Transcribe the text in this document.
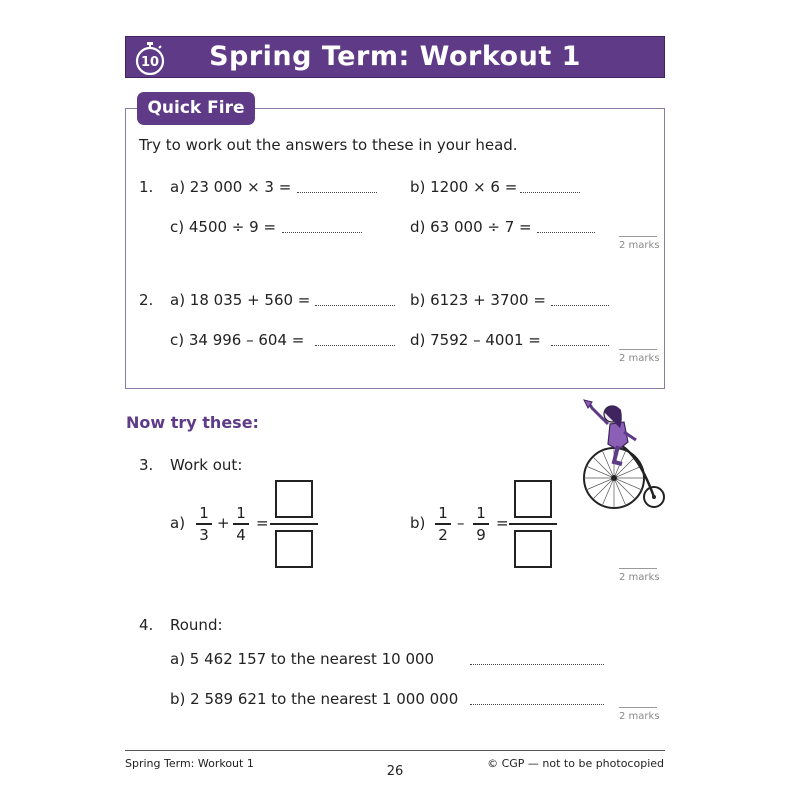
10	Spring Term: Workout 1
Quick Fire
Try to work out the answers to these in your head.
1. a) 23 000 × 3 =	b) 1200 × 6 =
c) 4500 ÷ 9 =	d) 63 000 ÷ 7 =
2 marks
2. a) 18 035 + 560 =	b) 6123 + 3700 =
c) 34 996 – 604 =	d) 7592 – 4001 =
2 marks
Now try these:
3. Work out:
a)
1
3
+
1
4
=	b)
1
2
–
1
9
=
2 marks
4. Round:
a) 5 462 157 to the nearest 10 000
b) 2 589 621 to the nearest 1 000 000
2 marks
Spring Term: Workout 1
26
© CGP — not to be photocopied
